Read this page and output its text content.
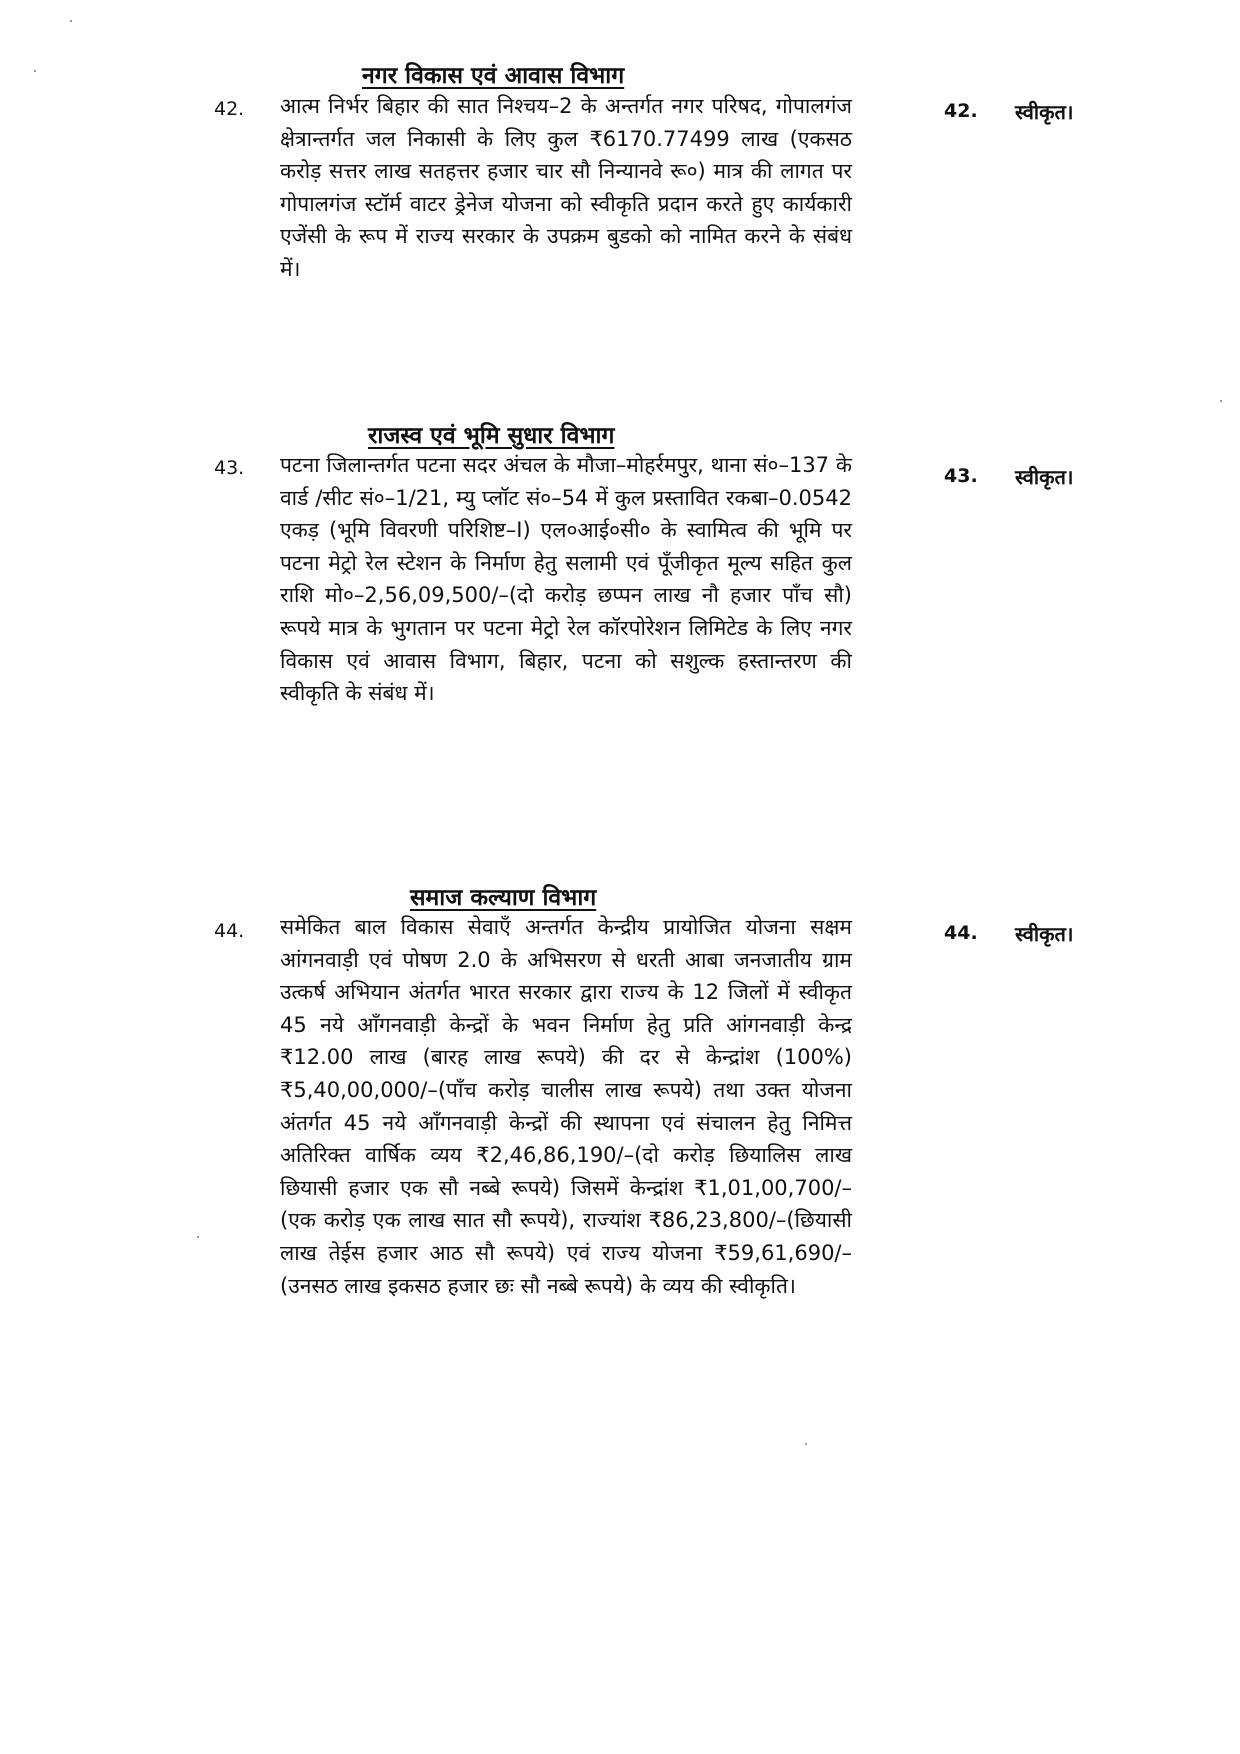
नगर विकास एवं आवास विभाग
42. आत्म निर्भर बिहार की सात निश्चय–2 के अन्तर्गत नगर परिषद, गोपालगंज क्षेत्रान्तर्गत जल निकासी के लिए कुल ₹6170.77499 लाख (एकसठ करोड़ सत्तर लाख सतहत्तर हजार चार सौ निन्यानवे रू०) मात्र की लागत पर गोपालगंज स्टॉर्म वाटर ड्रेनेज योजना को स्वीकृति प्रदान करते हुए कार्यकारी एजेंसी के रूप में राज्य सरकार के उपक्रम बुडको को नामित करने के संबंध में।
42. स्वीकृत।
राजस्व एवं भूमि सुधार विभाग
43. पटना जिलान्तर्गत पटना सदर अंचल के मौजा–मोहर्रमपुर, थाना सं०–137 के वार्ड /सीट सं०–1/21, म्यु प्लॉट सं०–54 में कुल प्रस्तावित रकबा–0.0542 एकड़ (भूमि विवरणी परिशिष्ट–I) एल०आई०सी० के स्वामित्व की भूमि पर पटना मेट्रो रेल स्टेशन के निर्माण हेतु सलामी एवं पूँजीकृत मूल्य सहित कुल राशि मो०–2,56,09,500/–(दो करोड़ छप्पन लाख नौ हजार पाँच सौ) रूपये मात्र के भुगतान पर पटना मेट्रो रेल कॉरपोरेशन लिमिटेड के लिए नगर विकास एवं आवास विभाग, बिहार, पटना को सशुल्क हस्तान्तरण की स्वीकृति के संबंध में।
43. स्वीकृत।
समाज कल्याण विभाग
44. समेकित बाल विकास सेवाएँ अन्तर्गत केन्द्रीय प्रायोजित योजना सक्षम आंगनवाड़ी एवं पोषण 2.0 के अभिसरण से धरती आबा जनजातीय ग्राम उत्कर्ष अभियान अंतर्गत भारत सरकार द्वारा राज्य के 12 जिलों में स्वीकृत 45 नये आँगनवाड़ी केन्द्रों के भवन निर्माण हेतु प्रति आंगनवाड़ी केन्द्र ₹12.00 लाख (बारह लाख रूपये) की दर से केन्द्रांश (100%) ₹5,40,00,000/–(पाँच करोड़ चालीस लाख रूपये) तथा उक्त योजना अंतर्गत 45 नये आँगनवाड़ी केन्द्रों की स्थापना एवं संचालन हेतु निमित्त अतिरिक्त वार्षिक व्यय ₹2,46,86,190/–(दो करोड़ छियालिस लाख छियासी हजार एक सौ नब्बे रूपये) जिसमें केन्द्रांश ₹1,01,00,700/–(एक करोड़ एक लाख सात सौ रूपये), राज्यांश ₹86,23,800/–(छियासी लाख तेईस हजार आठ सौ रूपये) एवं राज्य योजना ₹59,61,690/–(उनसठ लाख इकसठ हजार छः सौ नब्बे रूपये) के व्यय की स्वीकृति।
44. स्वीकृत।
